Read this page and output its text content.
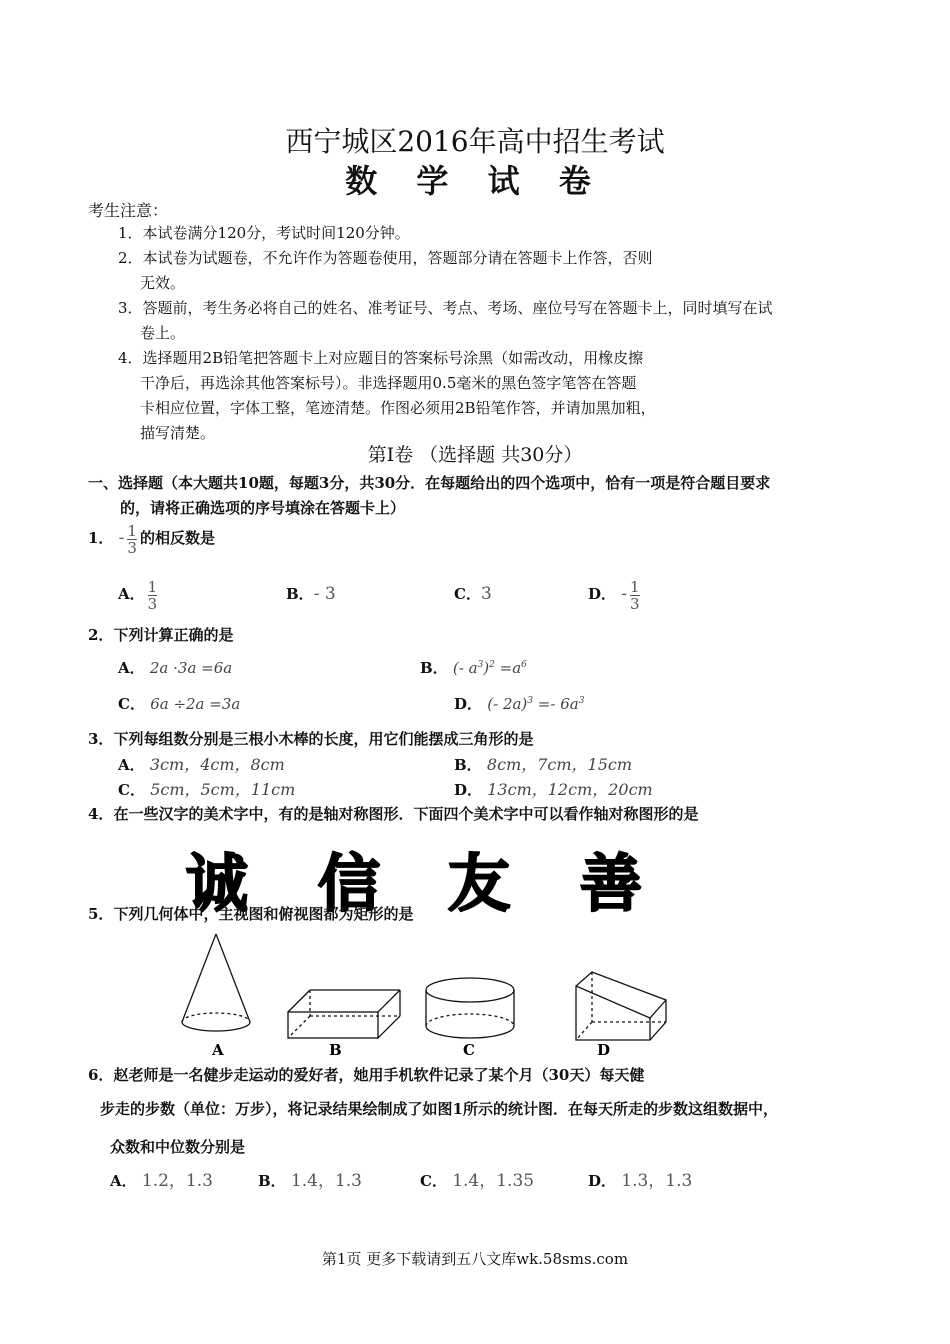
西宁城区2016年高中招生考试
数 学 试 卷
考生注意：
1．本试卷满分120分，考试时间120分钟。
2．本试卷为试题卷，不允许作为答题卷使用，答题部分请在答题卡上作答，否则
无效。
3．答题前，考生务必将自己的姓名、准考证号、考点、考场、座位号写在答题卡上，同时填写在试
卷上。
4．选择题用2B铅笔把答题卡上对应题目的答案标号涂黑（如需改动，用橡皮擦
干净后，再选涂其他答案标号）。非选择题用0.5毫米的黑色签字笔答在答题
卡相应位置，字体工整，笔迹清楚。作图必须用2B铅笔作答，并请加黑加粗，
描写清楚。
第Ⅰ卷 （选择题 共30分）
一、选择题（本大题共10题，每题3分，共30分．在每题给出的四个选项中，恰有一项是符合题目要求
的，请将正确选项的序号填涂在答题卡上）
1． - $\frac{1}{3}$ 的相反数是
A． $\frac{1}{3}$	B．- 3	C．3	D． - $\frac{1}{3}$
2．下列计算正确的是
A． 2a ·3a =6a	B． (- $a^3)^2 =a^6$
C． 6a ÷2a =3a	D． (- $2a)^3 =- 6a^3$
3．下列每组数分别是三根小木棒的长度，用它们能摆成三角形的是
A． 3cm，4cm，8cm	B． 8cm，7cm，15cm
C． 5cm，5cm，11cm	D． 13cm，12cm，20cm
4．在一些汉字的美术字中，有的是轴对称图形．下面四个美术字中可以看作轴对称图形的是
诚 信 友 善
5．下列几何体中，主视图和俯视图都为矩形的是
A	B	C	D
6．赵老师是一名健步走运动的爱好者，她用手机软件记录了某个月（30天）每天健
步走的步数（单位：万步），将记录结果绘制成了如图1所示的统计图．在每天所走的步数这组数据中，
众数和中位数分别是
A． 1.2，1.3	B． 1.4，1.3	C． 1.4，1.35	D． 1.3，1.3
第1页 更多下载请到五八文库wk.58sms.com
